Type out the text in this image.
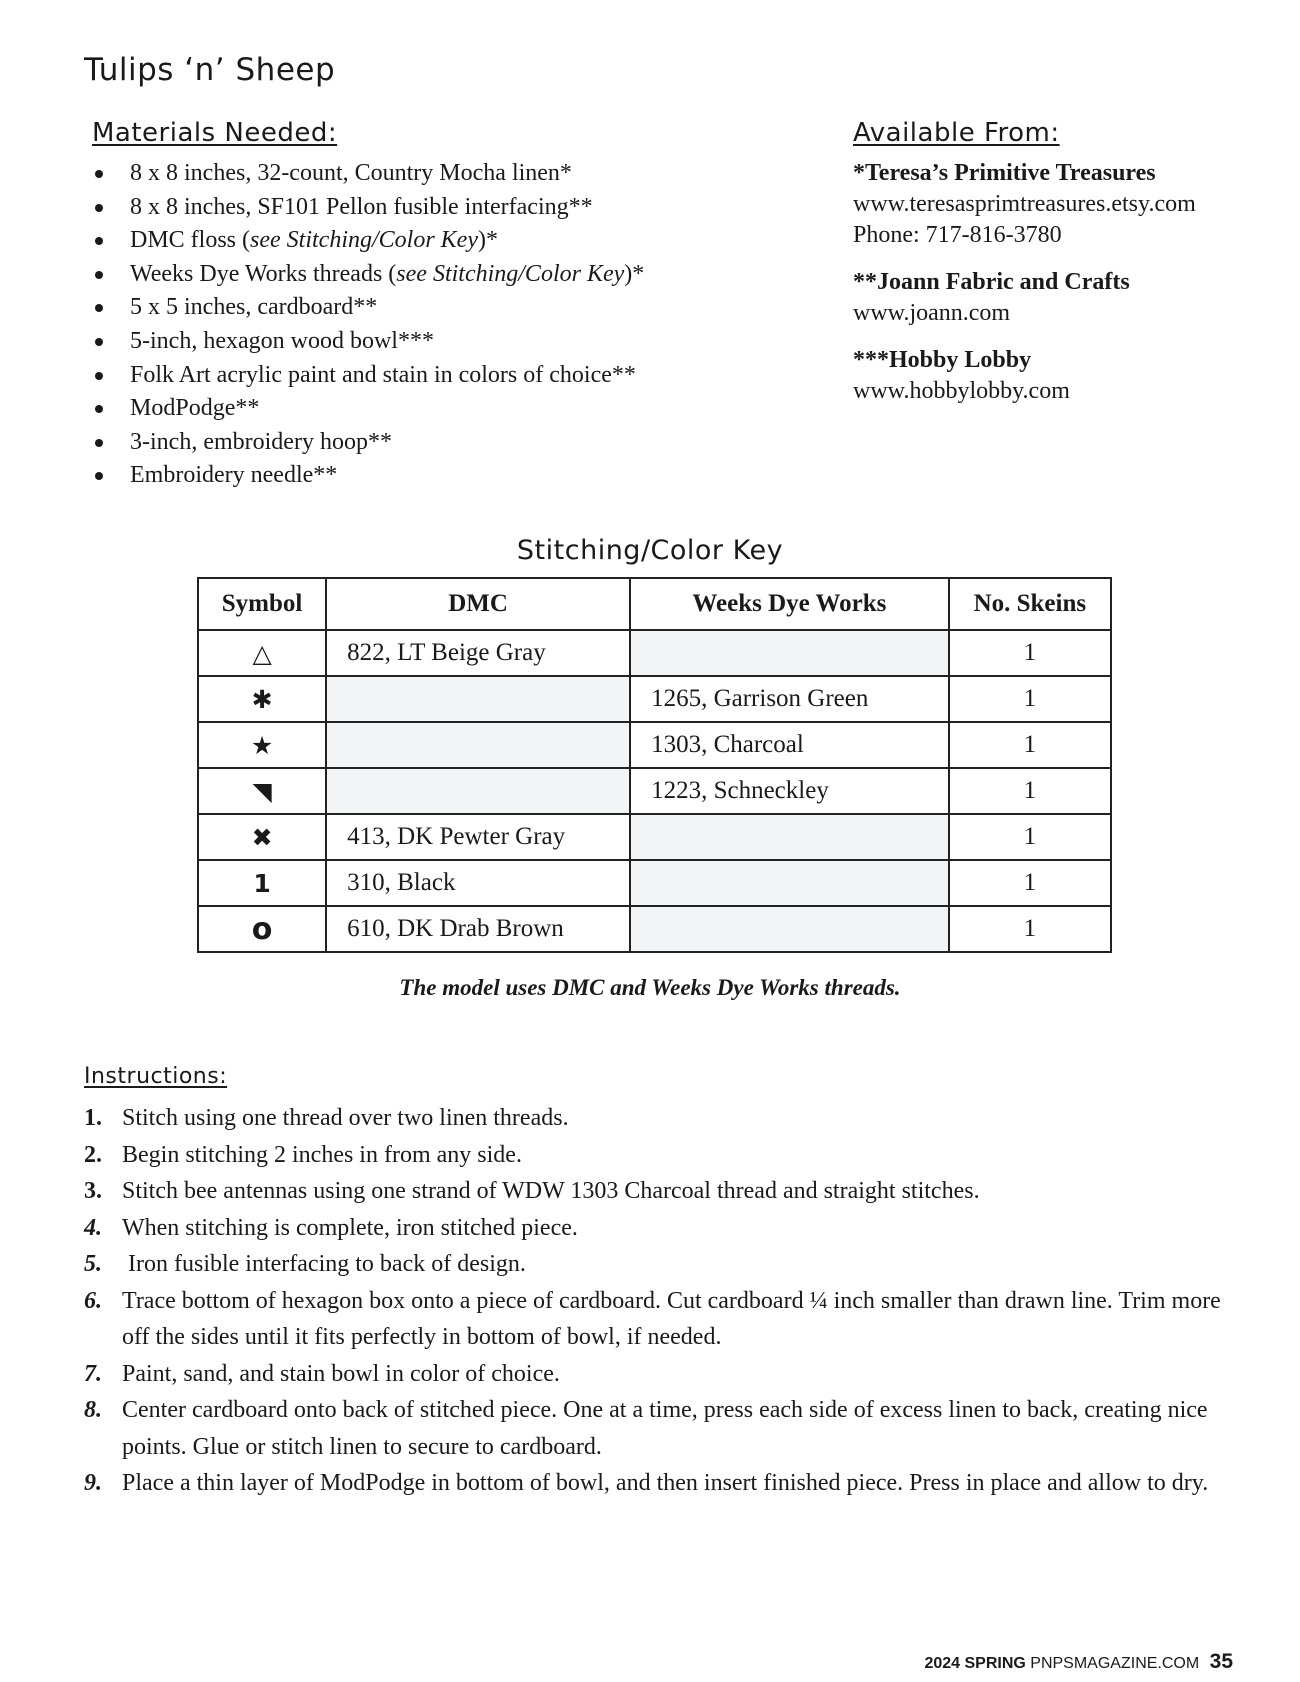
Tulips ‘n’ Sheep
Materials Needed:
8 x 8 inches, 32-count, Country Mocha linen*
8 x 8 inches, SF101 Pellon fusible interfacing**
DMC floss (see Stitching/Color Key)*
Weeks Dye Works threads (see Stitching/Color Key)*
5 x 5 inches, cardboard**
5-inch, hexagon wood bowl***
Folk Art acrylic paint and stain in colors of choice**
ModPodge**
3-inch, embroidery hoop**
Embroidery needle**
Available From:
*Teresa’s Primitive Treasures
www.teresasprimtreasures.etsy.com
Phone: 717-816-3780
**Joann Fabric and Crafts
www.joann.com
***Hobby Lobby
www.hobbylobby.com
Stitching/Color Key
Symbol	DMC	Weeks Dye Works	No. Skeins
△	822, LT Beige Gray		1
✱		1265, Garrison Green	1
★		1303, Charcoal	1
◥		1223, Schneckley	1
✖	413, DK Pewter Gray		1
1	310, Black		1
o	610, DK Drab Brown		1
The model uses DMC and Weeks Dye Works threads.
Instructions:
1. Stitch using one thread over two linen threads.
2. Begin stitching 2 inches in from any side.
3. Stitch bee antennas using one strand of WDW 1303 Charcoal thread and straight stitches.
4. When stitching is complete, iron stitched piece.
5. Iron fusible interfacing to back of design.
6. Trace bottom of hexagon box onto a piece of cardboard. Cut cardboard ¼ inch smaller than drawn line. Trim more off the sides until it fits perfectly in bottom of bowl, if needed.
7. Paint, sand, and stain bowl in color of choice.
8. Center cardboard onto back of stitched piece. One at a time, press each side of excess linen to back, creating nice points. Glue or stitch linen to secure to cardboard.
9. Place a thin layer of ModPodge in bottom of bowl, and then insert finished piece. Press in place and allow to dry.
2024 SPRING PNPSMAGAZINE.COM 35
